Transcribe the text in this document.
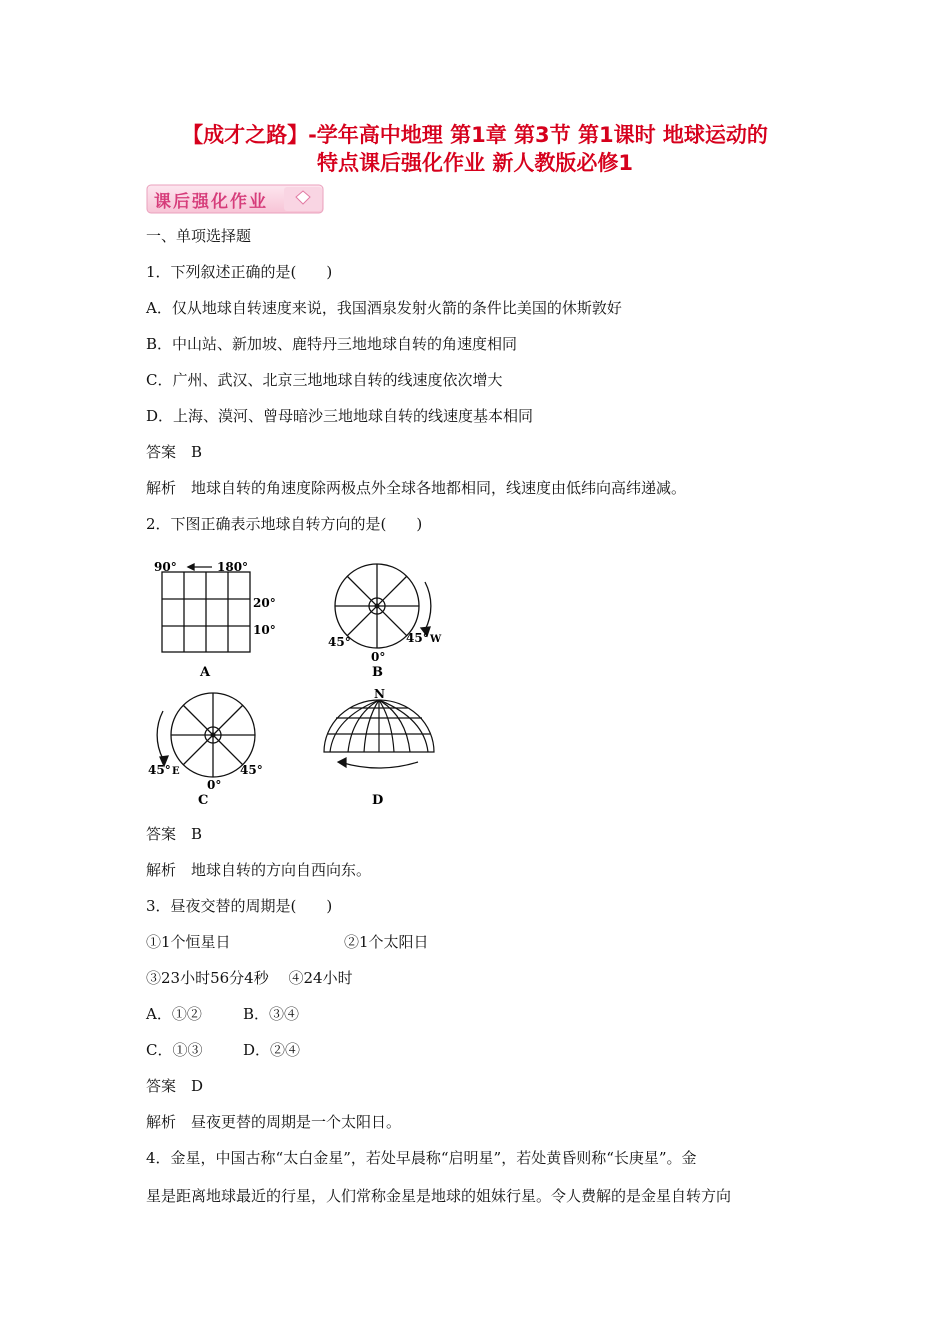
【成才之路】-学年高中地理 第1章 第3节 第1课时 地球运动的
特点课后强化作业 新人教版必修1
课后强化作业
一、单项选择题
1．下列叙述正确的是(　　)
A．仅从地球自转速度来说，我国酒泉发射火箭的条件比美国的休斯敦好
B．中山站、新加坡、鹿特丹三地地球自转的角速度相同
C．广州、武汉、北京三地地球自转的线速度依次增大
D．上海、漠河、曾母暗沙三地地球自转的线速度基本相同
答案　B
解析　地球自转的角速度除两极点外全球各地都相同，线速度由低纬向高纬递减。
2．下图正确表示地球自转方向的是(　　)
90°	180°
20°
10°
A
45°
0°
45° W
B
45° E
0°
45°
C
N
D
答案　B
解析　地球自转的方向自西向东。
3．昼夜交替的周期是(　　)
①1个恒星日	②1个太阳日
③23小时56分4秒　 ④24小时
A．①②	B．③④
C．①③	D．②④
答案　D
解析　昼夜更替的周期是一个太阳日。
4．金星，中国古称“太白金星”，若处早晨称“启明星”，若处黄昏则称“长庚星”。金
星是距离地球最近的行星，人们常称金星是地球的姐妹行星。令人费解的是金星自转方向
